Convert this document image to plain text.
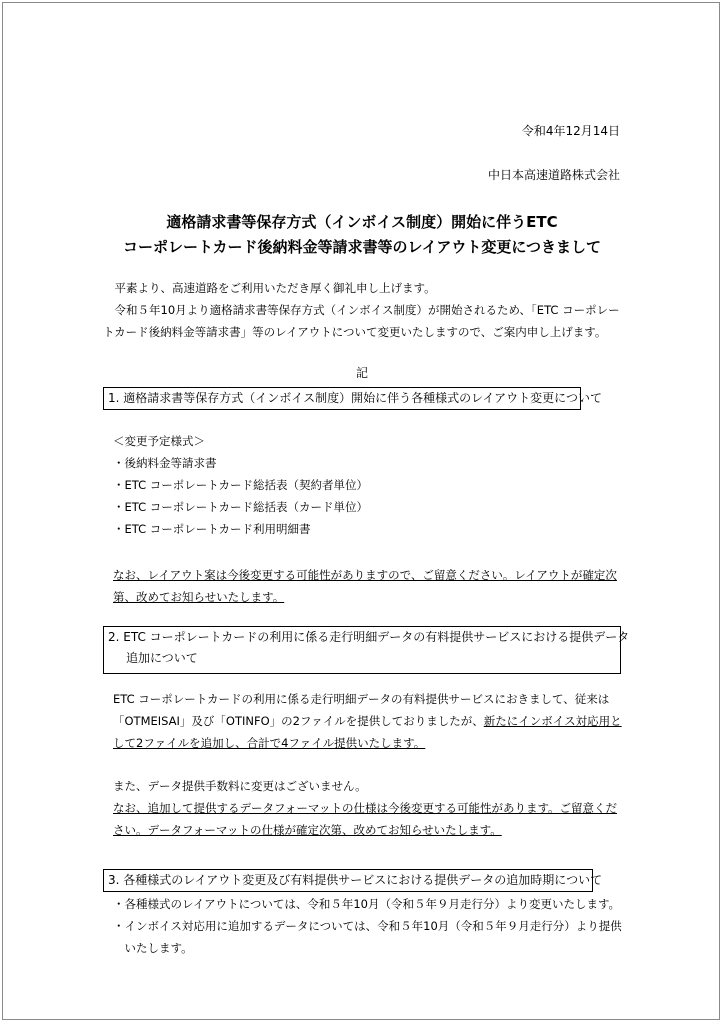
令和4年12月14日
中日本高速道路株式会社
適格請求書等保存方式（インボイス制度）開始に伴うETC
コーポレートカード後納料金等請求書等のレイアウト変更につきまして

平素より、高速道路をご利用いただき厚く御礼申し上げます。

令和５年10月より適格請求書等保存方式（インボイス制度）が開始されるため、「ETC コーポレートカード後納料金等請求書」等のレイアウトについて変更いたしますので、ご案内申し上げます。

記
1. 適格請求書等保存方式（インボイス制度）開始に伴う各種様式のレイアウト変更について
＜変更予定様式＞
・後納料金等請求書
・ETC コーポレートカード総括表（契約者単位）
・ETC コーポレートカード総括表（カード単位）
・ETC コーポレートカード利用明細書

なお、レイアウト案は今後変更する可能性がありますので、ご留意ください。レイアウトが確定次第、改めてお知らせいたします。

2. ETC コーポレートカードの利用に係る走行明細データの有料提供サービスにおける提供データ
追加について

ETC コーポレートカードの利用に係る走行明細データの有料提供サービスにおきまして、従来は「OTMEISAI」及び「OTINFO」の2ファイルを提供しておりましたが、新たにインボイス対応用として2ファイルを追加し、合計で4ファイル提供いたします。

また、データ提供手数料に変更はございません。

なお、追加して提供するデータフォーマットの仕様は今後変更する可能性があります。ご留意ください。データフォーマットの仕様が確定次第、改めてお知らせいたします。

3. 各種様式のレイアウト変更及び有料提供サービスにおける提供データの追加時期について

・各種様式のレイアウトについては、令和５年10月（令和５年９月走行分）より変更いたします。

・インボイス対応用に追加するデータについては、令和５年10月（令和５年９月走行分）より提供いたします。
